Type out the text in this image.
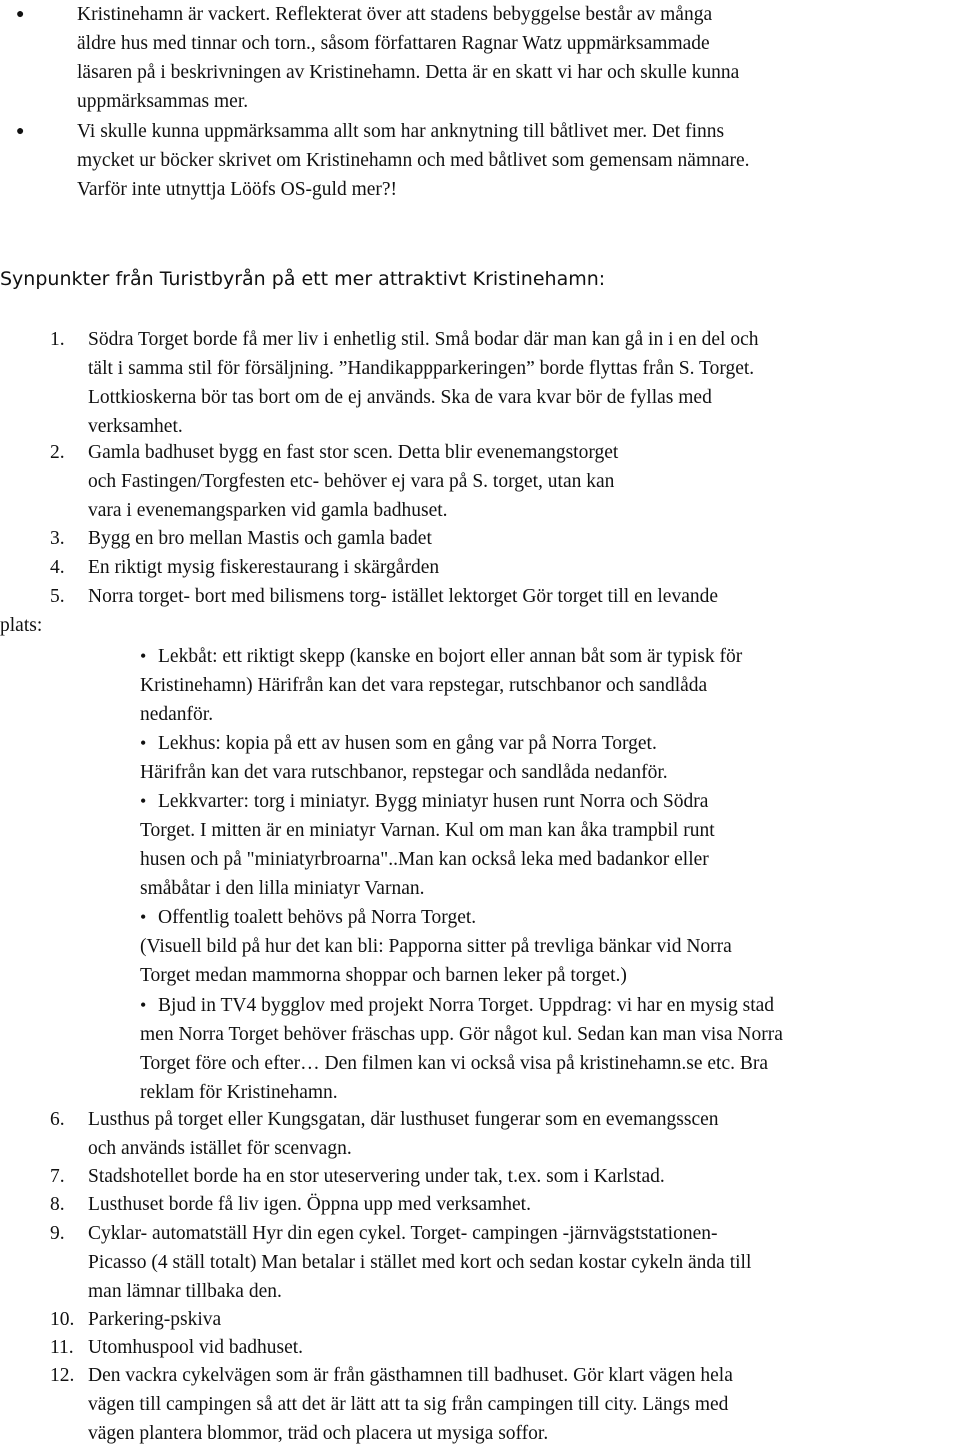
●	Kristinehamn är vackert. Reflekterat över att stadens bebyggelse består av många
äldre hus med tinnar och torn., såsom författaren Ragnar Watz uppmärksammade
läsaren på i beskrivningen av Kristinehamn. Detta är en skatt vi har och skulle kunna
uppmärksammas mer.
●	Vi skulle kunna uppmärksamma allt som har anknytning till båtlivet mer. Det finns
mycket ur böcker skrivet om Kristinehamn och med båtlivet som gemensam nämnare.
Varför inte utnyttja Lööfs OS-guld mer?!
Synpunkter från Turistbyrån på ett mer attraktivt Kristinehamn:
1.	Södra Torget borde få mer liv i enhetlig stil. Små bodar där man kan gå in i en del och
tält i samma stil för försäljning. ”Handikappparkeringen” borde flyttas från S. Torget.
Lottkioskerna bör tas bort om de ej används. Ska de vara kvar bör de fyllas med
verksamhet.
2.	Gamla badhuset bygg en fast stor scen. Detta blir evenemangstorget
och Fastingen/Torgfesten etc- behöver ej vara på S. torget, utan kan
vara i evenemangsparken vid gamla badhuset.
3.	Bygg en bro mellan Mastis och gamla badet
4.	En riktigt mysig fiskerestaurang i skärgården
5.	Norra torget- bort med bilismens torg- istället lektorget Gör torget till en levande
plats:
• Lekbåt: ett riktigt skepp (kanske en bojort eller annan båt som är typisk för
Kristinehamn) Härifrån kan det vara repstegar, rutschbanor och sandlåda
nedanför.
• Lekhus: kopia på ett av husen som en gång var på Norra Torget.
Härifrån kan det vara rutschbanor, repstegar och sandlåda nedanför.
• Lekkvarter: torg i miniatyr. Bygg miniatyr husen runt Norra och Södra
Torget. I mitten är en miniatyr Varnan. Kul om man kan åka trampbil runt
husen och på "miniatyrbroarna"..Man kan också leka med badankor eller
småbåtar i den lilla miniatyr Varnan.
• Offentlig toalett behövs på Norra Torget.
(Visuell bild på hur det kan bli: Papporna sitter på trevliga bänkar vid Norra
Torget medan mammorna shoppar och barnen leker på torget.)
• Bjud in TV4 bygglov med projekt Norra Torget. Uppdrag: vi har en mysig stad
men Norra Torget behöver fräschas upp. Gör något kul. Sedan kan man visa Norra
Torget före och efter… Den filmen kan vi också visa på kristinehamn.se etc. Bra
reklam för Kristinehamn.
6.	Lusthus på torget eller Kungsgatan, där lusthuset fungerar som en evemangsscen
och används istället för scenvagn.
7.	Stadshotellet borde ha en stor uteservering under tak, t.ex. som i Karlstad.
8.	Lusthuset borde få liv igen. Öppna upp med verksamhet.
9.	Cyklar- automatställ Hyr din egen cykel. Torget- campingen -järnvägststationen-
Picasso (4 ställ totalt) Man betalar i stället med kort och sedan kostar cykeln ända till
man lämnar tillbaka den.
10. Parkering-pskiva
11. Utomhuspool vid badhuset.
12. Den vackra cykelvägen som är från gästhamnen till badhuset. Gör klart vägen hela
vägen till campingen så att det är lätt att ta sig från campingen till city. Längs med
vägen plantera blommor, träd och placera ut mysiga soffor.
